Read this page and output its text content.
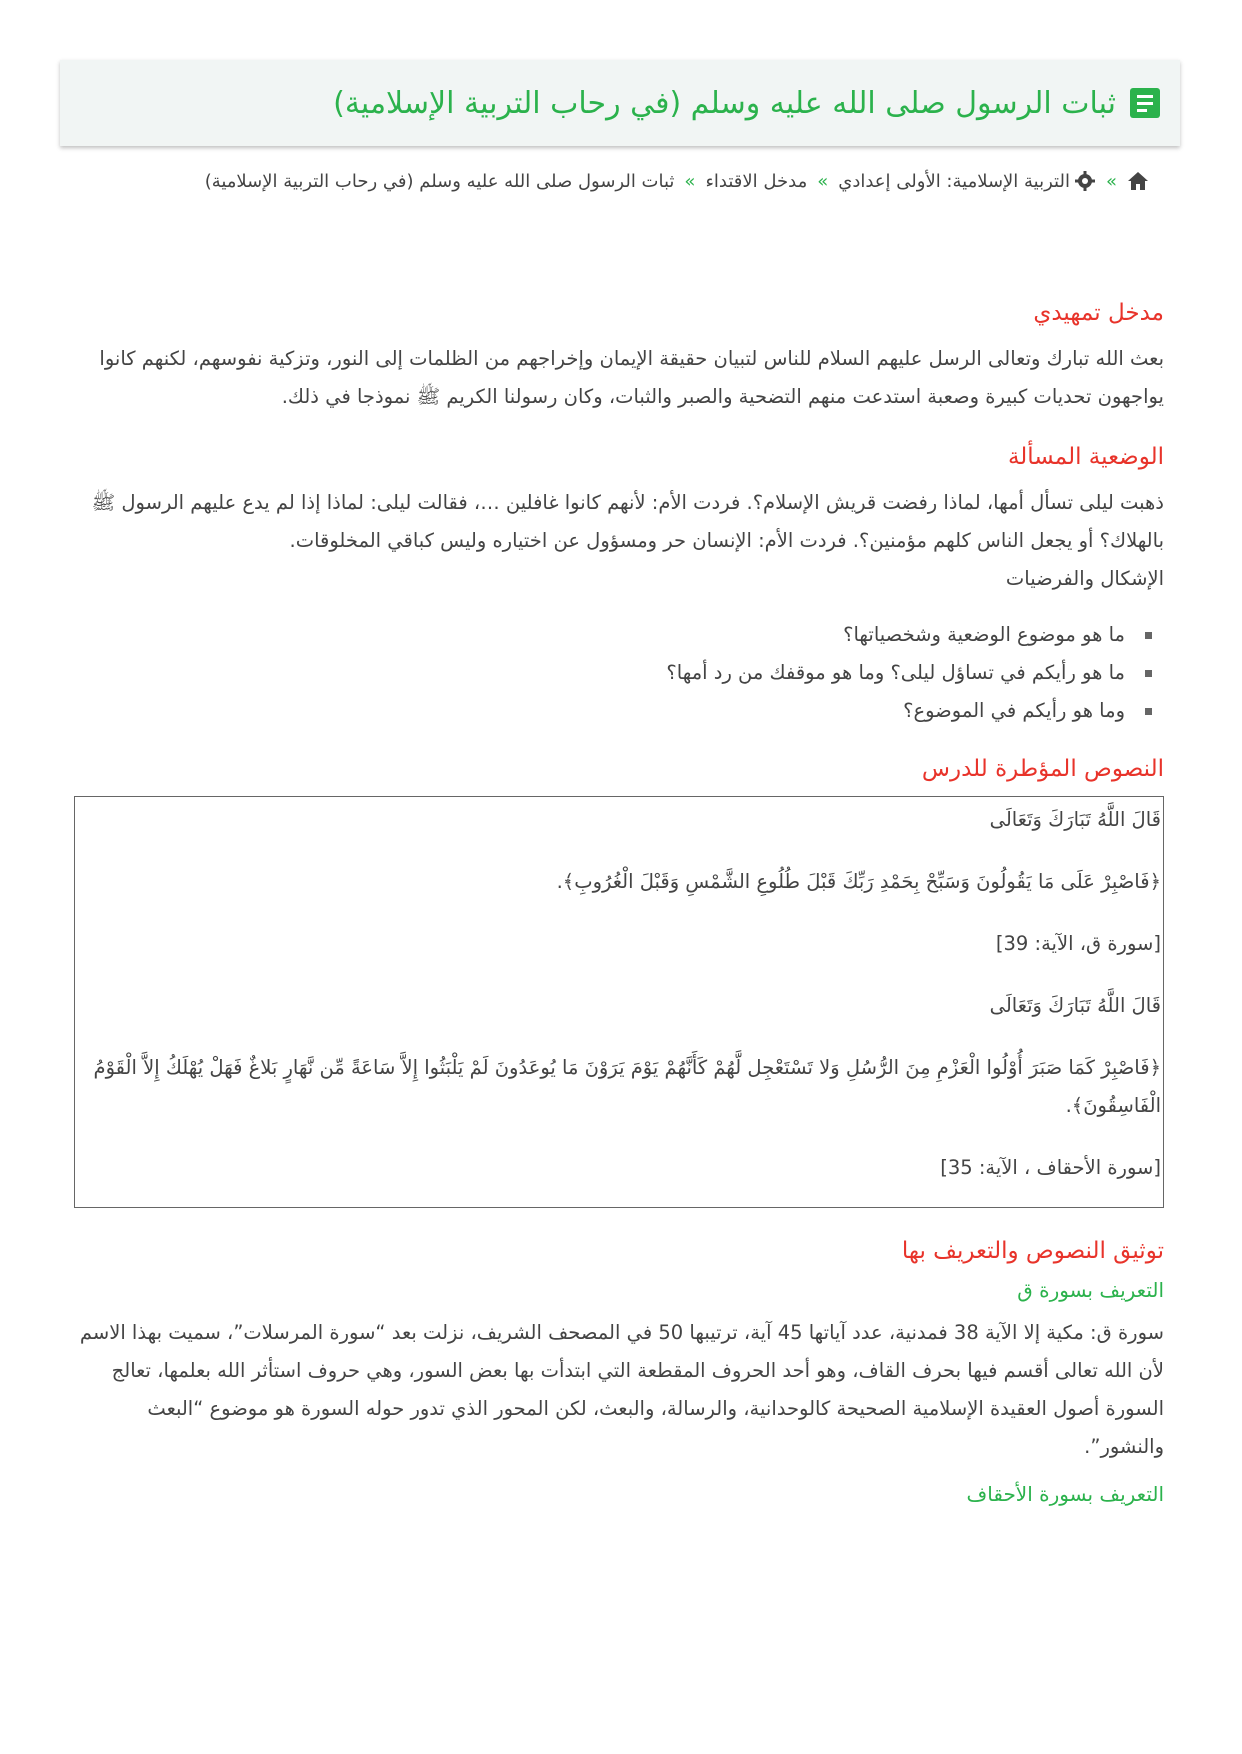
ثبات الرسول صلى الله عليه وسلم (في رحاب التربية الإسلامية)
»
التربية الإسلامية: الأولى إعدادي
»
مدخل الاقتداء
»
ثبات الرسول صلى الله عليه وسلم (في رحاب التربية الإسلامية)
مدخل تمهيدي

بعث الله تبارك وتعالى الرسل عليهم السلام للناس لتبيان حقيقة الإيمان وإخراجهم من الظلمات إلى النور، وتزكية نفوسهم، لكنهم كانوا يواجهون تحديات كبيرة وصعبة استدعت منهم التضحية والصبر والثبات، وكان رسولنا الكريم ﷺ نموذجا في ذلك.

الوضعية المسألة

ذهبت ليلى تسأل أمها، لماذا رفضت قريش الإسلام؟. فردت الأم: لأنهم كانوا غافلين …، فقالت ليلى: لماذا إذا لم يدع عليهم الرسول ﷺ بالهلاك؟ أو يجعل الناس كلهم مؤمنين؟. فردت الأم: الإنسان حر ومسؤول عن اختياره وليس كباقي المخلوقات.

الإشكال والفرضيات

ما هو موضوع الوضعية وشخصياتها؟
ما هو رأيكم في تساؤل ليلى؟ وما هو موقفك من رد أمها؟
وما هو رأيكم في الموضوع؟
النصوص المؤطرة للدرس

قَالَ اللَّهُ تَبَارَكَ وَتَعَالَى

﴿فَاصْبِرْ عَلَى مَا يَقُولُونَ وَسَبِّحْ بِحَمْدِ رَبِّكَ قَبْلَ طُلُوعِ الشَّمْسِ وَقَبْلَ الْغُرُوبِ﴾.

[سورة ق، الآية: 39]

قَالَ اللَّهُ تَبَارَكَ وَتَعَالَى

﴿فَاصْبِرْ كَمَا صَبَرَ أُوْلُوا الْعَزْمِ مِنَ الرُّسُلِ وَلا تَسْتَعْجِل لَّهُمْ كَأَنَّهُمْ يَوْمَ يَرَوْنَ مَا يُوعَدُونَ لَمْ يَلْبَثُوا إِلاَّ سَاعَةً مِّن نَّهَارٍ بَلاغٌ فَهَلْ يُهْلَكُ إِلاَّ الْقَوْمُ الْفَاسِقُونَ﴾.

[سورة الأحقاف ، الآية: 35]

توثيق النصوص والتعريف بها
التعريف بسورة ق

سورة ق: مكية إلا الآية 38 فمدنية، عدد آياتها 45 آية، ترتيبها 50 في المصحف الشريف، نزلت بعد “سورة المرسلات”، سميت بهذا الاسم لأن الله تعالى أقسم فيها بحرف القاف، وهو أحد الحروف المقطعة التي ابتدأت بها بعض السور، وهي حروف استأثر الله بعلمها، تعالج السورة أصول العقيدة الإسلامية الصحيحة كالوحدانية، والرسالة، والبعث، لكن المحور الذي تدور حوله السورة هو موضوع “البعث والنشور”.

التعريف بسورة الأحقاف
